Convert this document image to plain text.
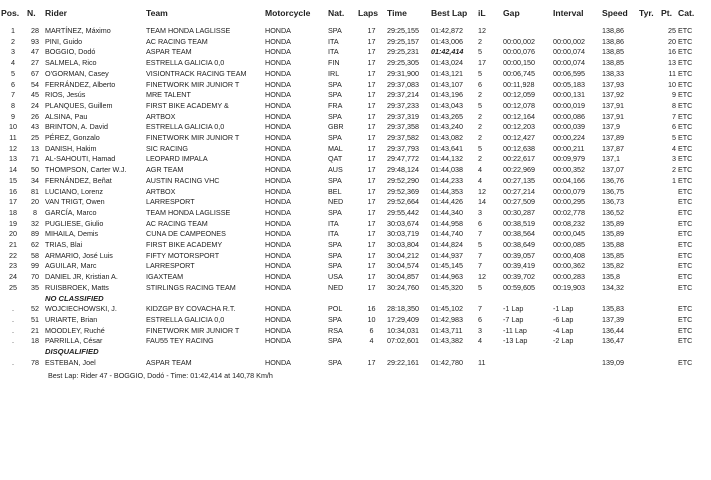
Pos.	N.	Rider	Team	Motorcycle	Nat.	Laps	Time	Best Lap	iL	Gap	Interval	Speed	Tyr.	Pt.	Cat.
1	28	MARTÍNEZ, Máximo	TEAM HONDA LAGLISSE	HONDA	SPA	17	29:25,155	01:42,872	12			138,86		25	ETC
2	93	PINI, Guido	AC RACING TEAM	HONDA	ITA	17	29:25,157	01:43,006	2	00:00,002	00:00,002	138,86		20	ETC
3	47	BOGGIO, Dodó	ASPAR TEAM	HONDA	ITA	17	29:25,231	01:42,414	5	00:00,076	00:00,074	138,85		16	ETC
4	27	SALMELA, Rico	ESTRELLA GALICIA 0,0	HONDA	FIN	17	29:25,305	01:43,024	17	00:00,150	00:00,074	138,85		13	ETC
5	67	O'GORMAN, Casey	VISIONTRACK RACING TEAM	HONDA	IRL	17	29:31,900	01:43,121	5	00:06,745	00:06,595	138,33		11	ETC
6	54	FERRÁNDEZ, Alberto	FINETWORK MIR JUNIOR T	HONDA	SPA	17	29:37,083	01:43,107	6	00:11,928	00:05,183	137,93		10	ETC
7	45	RIOS, Jesús	MRE TALENT	HONDA	SPA	17	29:37,214	01:43,196	2	00:12,059	00:00,131	137,92		9	ETC
8	24	PLANQUES, Guillem	FIRST BIKE ACADEMY &	HONDA	FRA	17	29:37,233	01:43,043	5	00:12,078	00:00,019	137,91		8	ETC
9	26	ALSINA, Pau	ARTBOX	HONDA	SPA	17	29:37,319	01:43,265	2	00:12,164	00:00,086	137,91		7	ETC
10	43	BRINTON, A. David	ESTRELLA GALICIA 0,0	HONDA	GBR	17	29:37,358	01:43,240	2	00:12,203	00:00,039	137,9		6	ETC
11	25	PÉREZ, Gonzalo	FINETWORK MIR JUNIOR T	HONDA	SPA	17	29:37,582	01:43,082	2	00:12,427	00:00,224	137,89		5	ETC
12	13	DANISH, Hakim	SIC RACING	HONDA	MAL	17	29:37,793	01:43,641	5	00:12,638	00:00,211	137,87		4	ETC
13	71	AL-SAHOUTI, Hamad	LEOPARD IMPALA	HONDA	QAT	17	29:47,772	01:44,132	2	00:22,617	00:09,979	137,1		3	ETC
14	50	THOMPSON, Carter W.J.	AGR TEAM	HONDA	AUS	17	29:48,124	01:44,038	4	00:22,969	00:00,352	137,07		2	ETC
15	34	FERNÁNDEZ, Beñat	AUSTIN RACING VHC	HONDA	SPA	17	29:52,290	01:44,233	4	00:27,135	00:04,166	136,76		1	ETC
16	81	LUCIANO, Lorenz	ARTBOX	HONDA	BEL	17	29:52,369	01:44,353	12	00:27,214	00:00,079	136,75			ETC
17	20	VAN TRIGT, Owen	LARRESPORT	HONDA	NED	17	29:52,664	01:44,426	14	00:27,509	00:00,295	136,73			ETC
18	8	GARCÍA, Marco	TEAM HONDA LAGLISSE	HONDA	SPA	17	29:55,442	01:44,340	3	00:30,287	00:02,778	136,52			ETC
19	32	PUGLIESE, Giulio	AC RACING TEAM	HONDA	ITA	17	30:03,674	01:44,958	6	00:38,519	00:08,232	135,89			ETC
20	89	MIHAILA, Demis	CUNA DE CAMPEONES	HONDA	ITA	17	30:03,719	01:44,740	7	00:38,564	00:00,045	135,89			ETC
21	62	TRIAS, Blai	FIRST BIKE ACADEMY	HONDA	SPA	17	30:03,804	01:44,824	5	00:38,649	00:00,085	135,88			ETC
22	58	ARMARIO, José Luis	FIFTY MOTORSPORT	HONDA	SPA	17	30:04,212	01:44,937	7	00:39,057	00:00,408	135,85			ETC
23	99	AGUILAR, Marc	LARRESPORT	HONDA	SPA	17	30:04,574	01:45,145	7	00:39,419	00:00,362	135,82			ETC
24	70	DANIEL JR, Kristian A.	IGAXTEAM	HONDA	USA	17	30:04,857	01:44,963	12	00:39,702	00:00,283	135,8			ETC
25	35	RUISBROEK, Matts	STIRLINGS RACING TEAM	HONDA	NED	17	30:24,760	01:45,320	5	00:59,605	00:19,903	134,32			ETC
		NO CLASSIFIED													
.	52	WOJCIECHOWSKI, J.	KIDZGP BY COVACHA R.T.	HONDA	POL	16	28:18,350	01:45,102	7	-1 Lap	-1 Lap	135,83			ETC
.	51	URIARTE, Brian	ESTRELLA GALICIA 0,0	HONDA	SPA	10	17:29,409	01:42,983	6	-7 Lap	-6 Lap	137,39			ETC
.	21	MOODLEY, Ruché	FINETWORK MIR JUNIOR T	HONDA	RSA	6	10:34,031	01:43,711	3	-11 Lap	-4 Lap	136,44			ETC
.	18	PARRILLA, César	FAU55 TEY RACING	HONDA	SPA	4	07:02,601	01:43,382	4	-13 Lap	-2 Lap	136,47			ETC
		DISQUALIFIED													
.	78	ESTEBAN, Joel	ASPAR TEAM	HONDA	SPA	17	29:22,161	01:42,780	11			139,09			ETC
Best Lap: Rider 47 - BOGGIO, Dodó - Time: 01:42,414 at 140,78 Km/h
